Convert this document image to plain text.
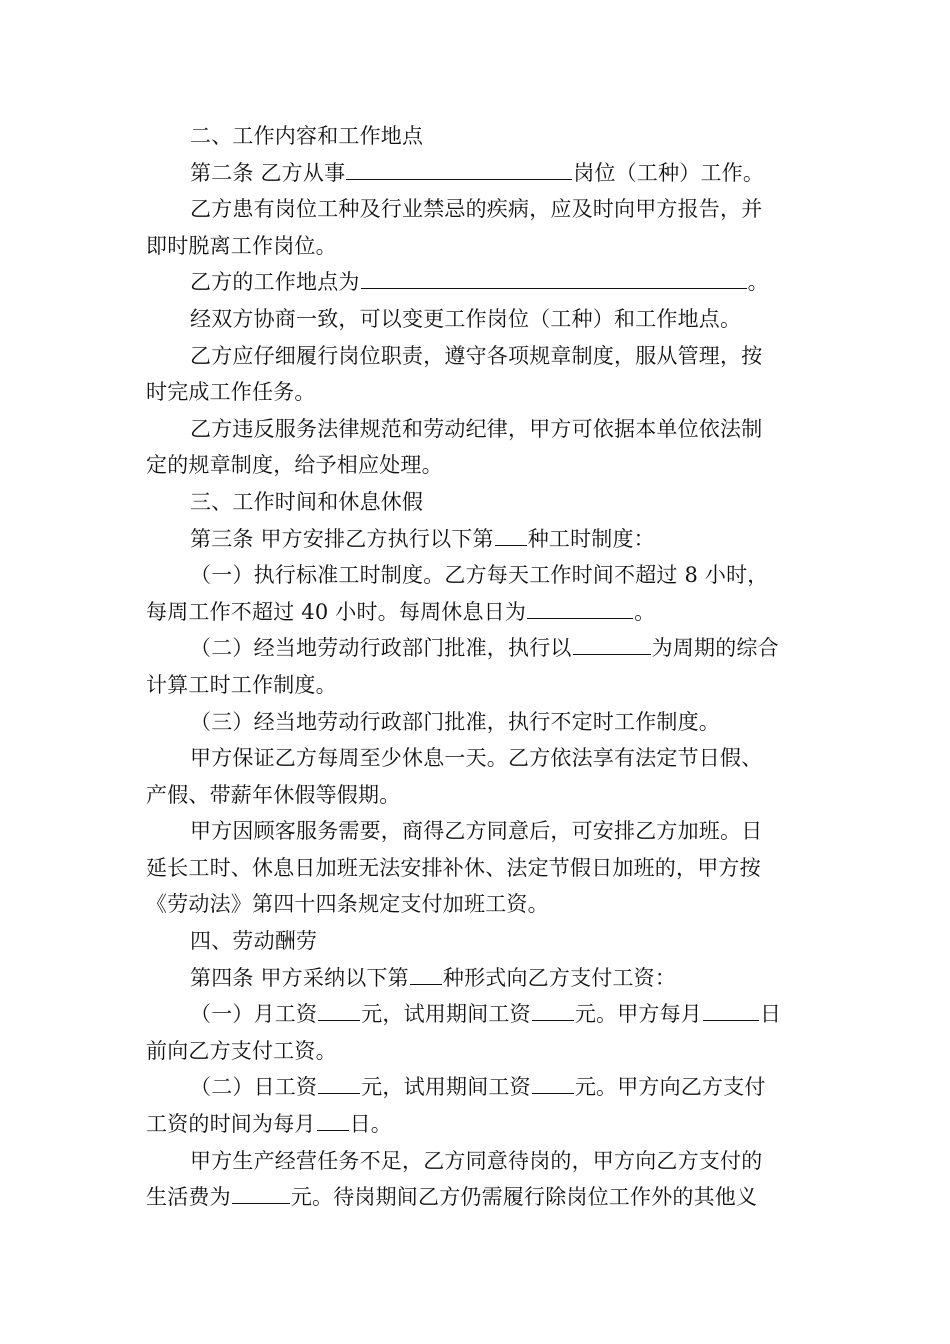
二、工作内容和工作地点
第二条 乙方从事	岗位（工种）工作。
乙方患有岗位工种及行业禁忌的疾病，应及时向甲方报告，并
即时脱离工作岗位。
乙方的工作地点为	。
经双方协商一致，可以变更工作岗位（工种）和工作地点。
乙方应仔细履行岗位职责，遵守各项规章制度，服从管理，按
时完成工作任务。
乙方违反服务法律规范和劳动纪律，甲方可依据本单位依法制
定的规章制度，给予相应处理。
三、工作时间和休息休假
第三条 甲方安排乙方执行以下第 种工时制度：
（一）执行标准工时制度。乙方每天工作时间不超过 8 小时，
每周工作不超过 40 小时。每周休息日为	。
（二）经当地劳动行政部门批准，执行以	为周期的综合
计算工时工作制度。
（三）经当地劳动行政部门批准，执行不定时工作制度。
甲方保证乙方每周至少休息一天。乙方依法享有法定节日假、
产假、带薪年休假等假期。
甲方因顾客服务需要，商得乙方同意后，可安排乙方加班。日
延长工时、休息日加班无法安排补休、法定节假日加班的，甲方按
《劳动法》第四十四条规定支付加班工资。
四、劳动酬劳
第四条 甲方采纳以下第 种形式向乙方支付工资：
（一）月工资 元，试用期间工资 元。甲方每月	日
前向乙方支付工资。
（二）日工资 元，试用期间工资 元。甲方向乙方支付
工资的时间为每月 日。
甲方生产经营任务不足，乙方同意待岗的，甲方向乙方支付的
生活费为	元。待岗期间乙方仍需履行除岗位工作外的其他义
